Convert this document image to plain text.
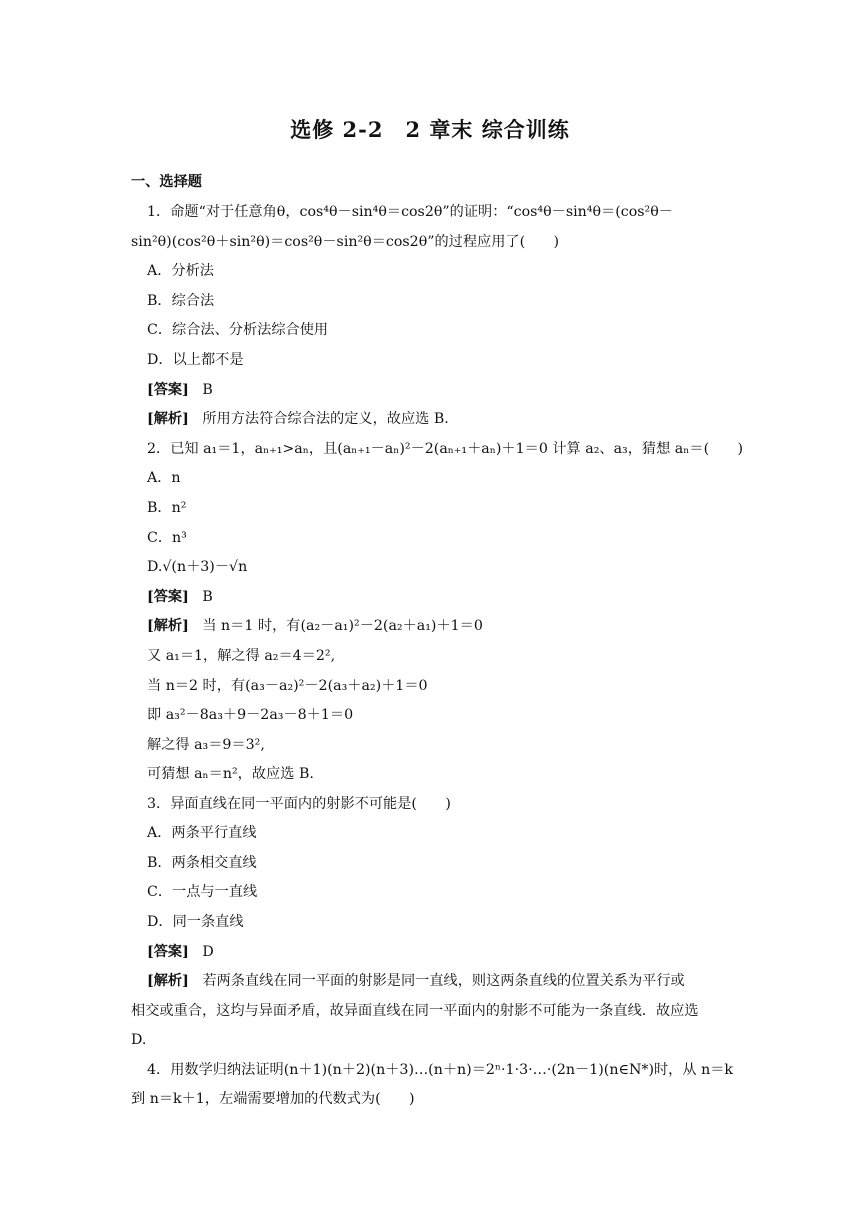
选修 2-2　2 章末 综合训练
一、选择题
1．命题“对于任意角θ，cos⁴θ－sin⁴θ＝cos2θ”的证明：“cos⁴θ－sin⁴θ＝(cos²θ－
sin²θ)(cos²θ＋sin²θ)＝cos²θ－sin²θ＝cos2θ”的过程应用了(　　)
A．分析法
B．综合法
C．综合法、分析法综合使用
D．以上都不是
[答案] B
[解析] 所用方法符合综合法的定义，故应选 B.
2．已知 a₁＝1，aₙ₊₁>aₙ，且(aₙ₊₁－aₙ)²－2(aₙ₊₁＋aₙ)＋1＝0 计算 a₂、a₃，猜想 aₙ＝(　　)
A．n
B．n²
C．n³
D.√(n＋3)－√n
[答案] B
[解析] 当 n＝1 时，有(a₂－a₁)²－2(a₂＋a₁)＋1＝0
又 a₁＝1，解之得 a₂＝4＝2²,
当 n＝2 时，有(a₃－a₂)²－2(a₃＋a₂)＋1＝0
即 a₃²－8a₃＋9－2a₃－8＋1＝0
解之得 a₃＝9＝3²,
可猜想 aₙ＝n²，故应选 B.
3．异面直线在同一平面内的射影不可能是(　　)
A．两条平行直线
B．两条相交直线
C．一点与一直线
D．同一条直线
[答案] D
[解析] 若两条直线在同一平面的射影是同一直线，则这两条直线的位置关系为平行或
相交或重合，这均与异面矛盾，故异面直线在同一平面内的射影不可能为一条直线．故应选
D.
4．用数学归纳法证明(n＋1)(n＋2)(n＋3)…(n＋n)＝2ⁿ·1·3·…·(2n－1)(n∈N*)时，从 n＝k
到 n＝k＋1，左端需要增加的代数式为(　　)
